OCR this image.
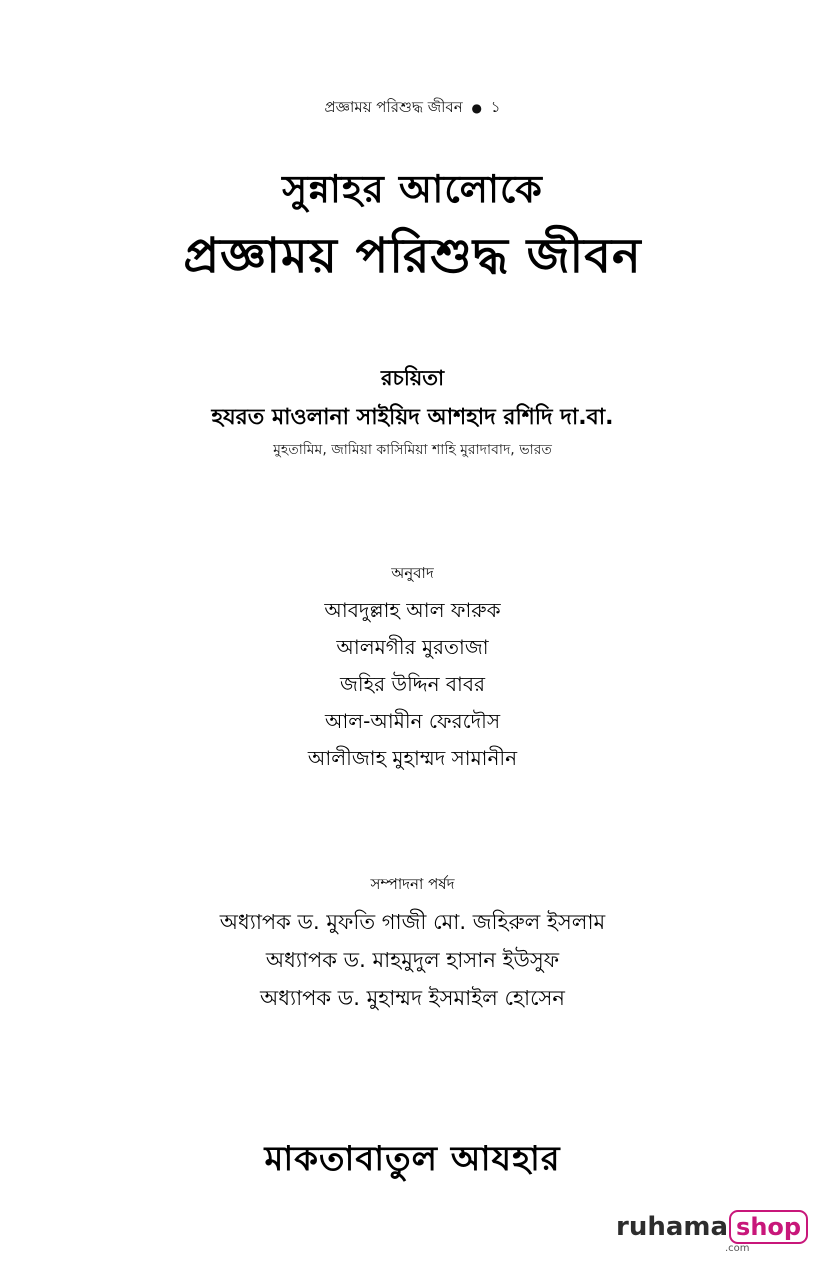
প্রজ্ঞাময় পরিশুদ্ধ জীবন ● ১
সুন্নাহর আলোকে
প্রজ্ঞাময় পরিশুদ্ধ জীবন
রচয়িতা
হযরত মাওলানা সাইয়িদ আশহাদ রশিদি দা.বা.
মুহতামিম, জামিয়া কাসিমিয়া শাহি মুরাদাবাদ, ভারত
অনুবাদ
আবদুল্লাহ আল ফারুক
আলমগীর মুরতাজা
জহির উদ্দিন বাবর
আল-আমীন ফেরদৌস
আলীজাহ মুহাম্মদ সামানীন
সম্পাদনা পর্ষদ
অধ্যাপক ড. মুফতি গাজী মো. জহিরুল ইসলাম
অধ্যাপক ড. মাহমুদুল হাসান ইউসুফ
অধ্যাপক ড. মুহাম্মদ ইসমাইল হোসেন
মাকতাবাতুল আযহার
ruhama shop
.com
